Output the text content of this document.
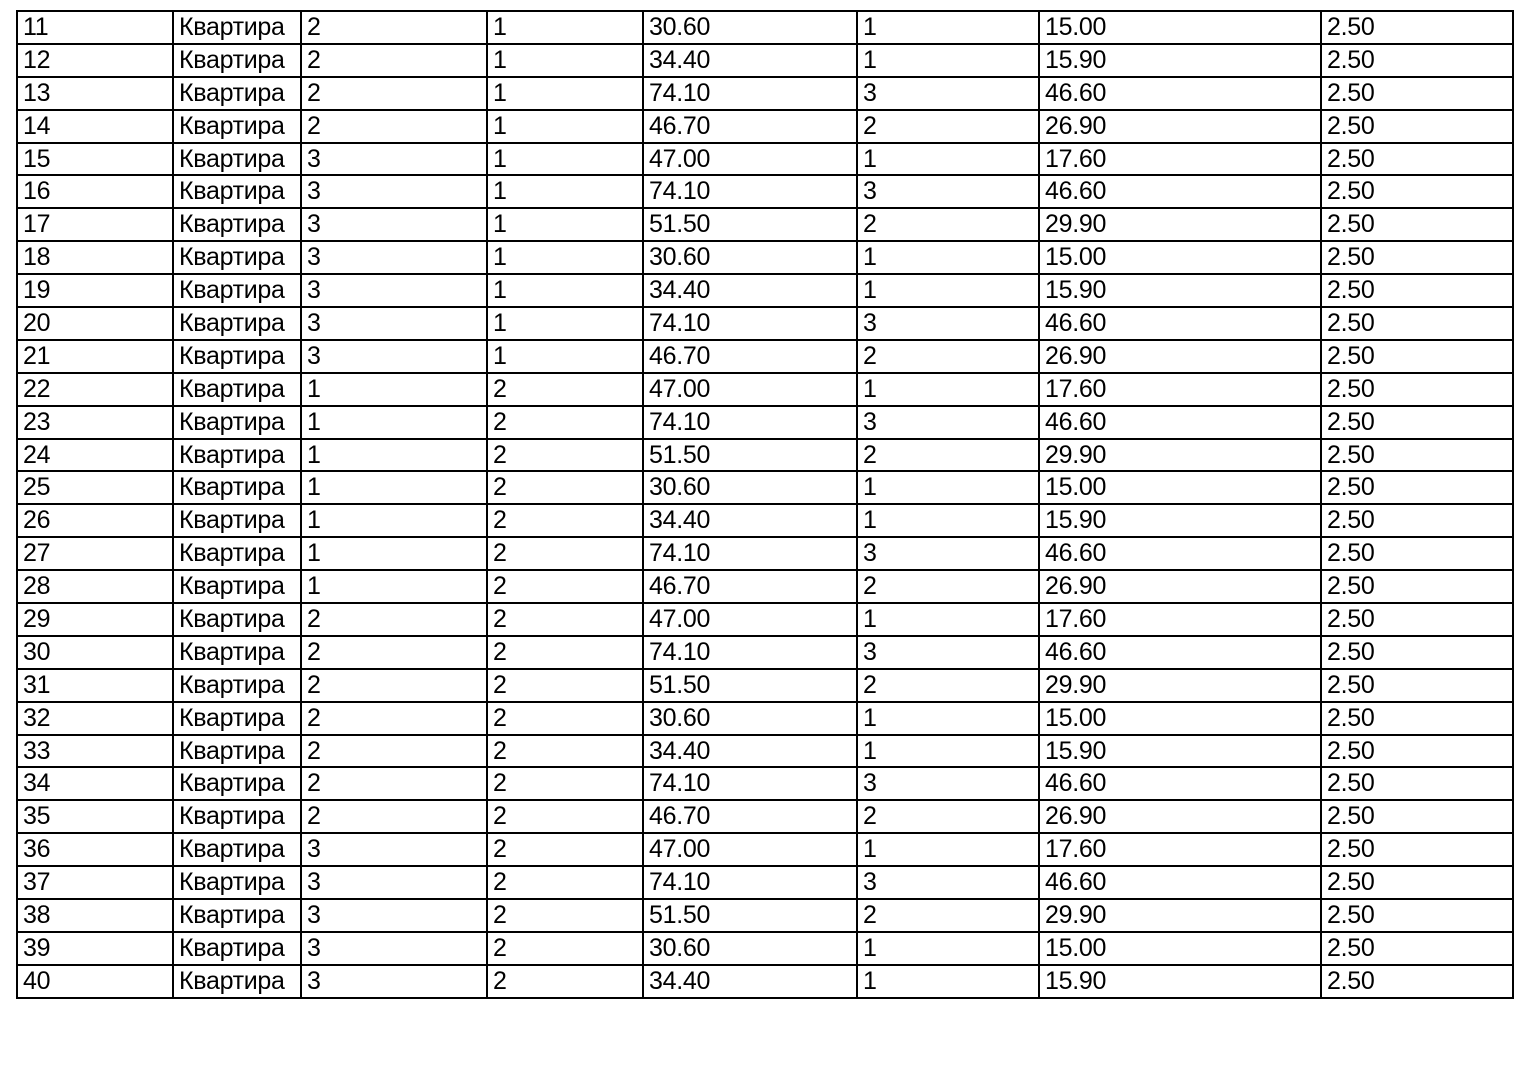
11	Квартира	2	1	30.60	1	15.00	2.50
12	Квартира	2	1	34.40	1	15.90	2.50
13	Квартира	2	1	74.10	3	46.60	2.50
14	Квартира	2	1	46.70	2	26.90	2.50
15	Квартира	3	1	47.00	1	17.60	2.50
16	Квартира	3	1	74.10	3	46.60	2.50
17	Квартира	3	1	51.50	2	29.90	2.50
18	Квартира	3	1	30.60	1	15.00	2.50
19	Квартира	3	1	34.40	1	15.90	2.50
20	Квартира	3	1	74.10	3	46.60	2.50
21	Квартира	3	1	46.70	2	26.90	2.50
22	Квартира	1	2	47.00	1	17.60	2.50
23	Квартира	1	2	74.10	3	46.60	2.50
24	Квартира	1	2	51.50	2	29.90	2.50
25	Квартира	1	2	30.60	1	15.00	2.50
26	Квартира	1	2	34.40	1	15.90	2.50
27	Квартира	1	2	74.10	3	46.60	2.50
28	Квартира	1	2	46.70	2	26.90	2.50
29	Квартира	2	2	47.00	1	17.60	2.50
30	Квартира	2	2	74.10	3	46.60	2.50
31	Квартира	2	2	51.50	2	29.90	2.50
32	Квартира	2	2	30.60	1	15.00	2.50
33	Квартира	2	2	34.40	1	15.90	2.50
34	Квартира	2	2	74.10	3	46.60	2.50
35	Квартира	2	2	46.70	2	26.90	2.50
36	Квартира	3	2	47.00	1	17.60	2.50
37	Квартира	3	2	74.10	3	46.60	2.50
38	Квартира	3	2	51.50	2	29.90	2.50
39	Квартира	3	2	30.60	1	15.00	2.50
40	Квартира	3	2	34.40	1	15.90	2.50
